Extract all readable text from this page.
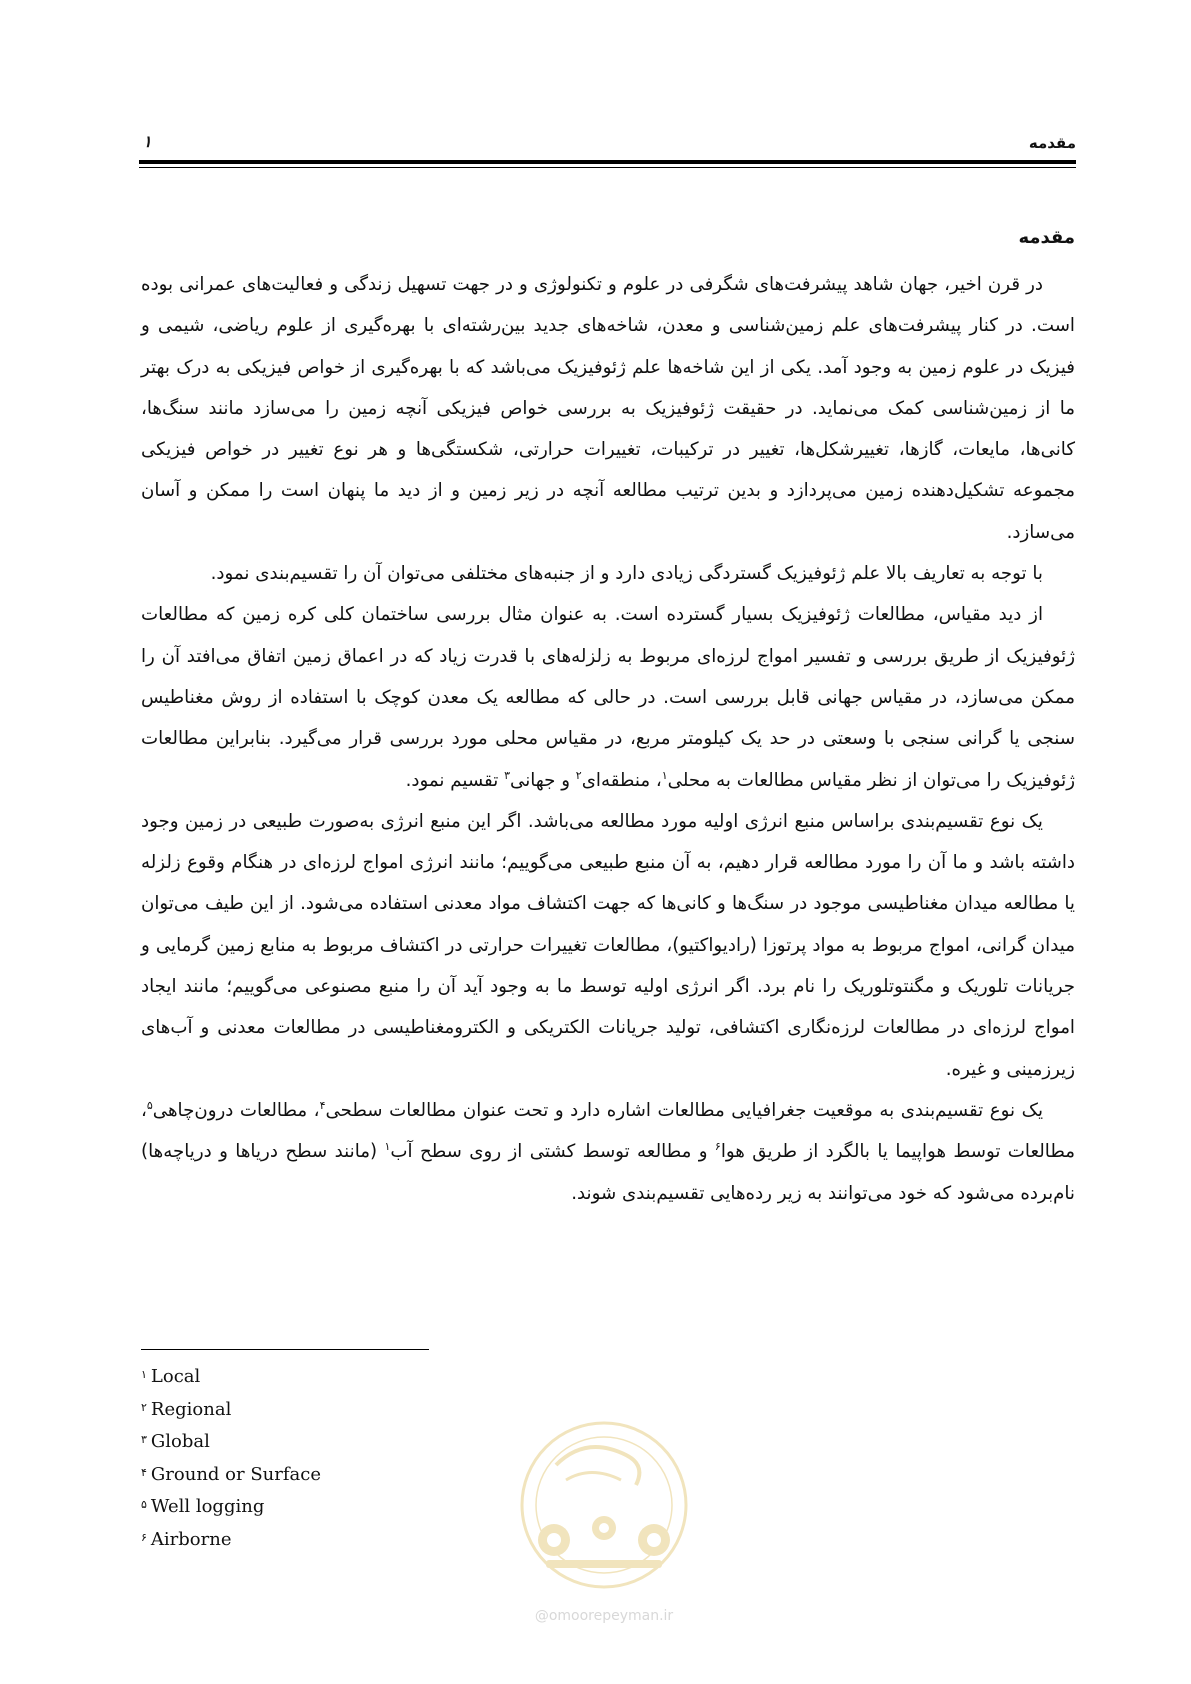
مقدمه
۱
مقدمه

در قرن اخیر، جهان شاهد پیشرفت‌های شگرفی در علوم و تکنولوژی و در جهت تسهیل زندگی و فعالیت‌های عمرانی بوده است. در کنار پیشرفت‌های علم زمین‌شناسی و معدن، شاخه‌های جدید بین‌رشته‌ای با بهره‌گیری از علوم ریاضی، شیمی و فیزیک در علوم زمین به وجود آمد. یکی از این شاخه‌ها علم ژئوفیزیک می‌باشد که با بهره‌گیری از خواص فیزیکی به درک بهتر ما از زمین‌شناسی کمک می‌نماید. در حقیقت ژئوفیزیک به بررسی خواص فیزیکی آنچه زمین را می‌سازد مانند سنگ‌ها، کانی‌ها، مایعات، گازها، تغییرشکل‌ها، تغییر در ترکیبات، تغییرات حرارتی، شکستگی‌ها و هر نوع تغییر در خواص فیزیکی مجموعه تشکیل‌دهنده زمین می‌پردازد و بدین ترتیب مطالعه آنچه در زیر زمین و از دید ما پنهان است را ممکن و آسان می‌سازد.

با توجه به تعاریف بالا علم ژئوفیزیک گستردگی زیادی دارد و از جنبه‌های مختلفی می‌توان آن را تقسیم‌بندی نمود.

از دید مقیاس، مطالعات ژئوفیزیک بسیار گسترده است. به عنوان مثال بررسی ساختمان کلی کره زمین که مطالعات ژئوفیزیک از طریق بررسی و تفسیر امواج لرزه‌ای مربوط به زلزله‌های با قدرت زیاد که در اعماق زمین اتفاق می‌افتد آن را ممکن می‌سازد، در مقیاس جهانی قابل بررسی است. در حالی که مطالعه یک معدن کوچک با استفاده از روش مغناطیس سنجی یا گرانی سنجی با وسعتی در حد یک کیلومتر مربع، در مقیاس محلی مورد بررسی قرار می‌گیرد. بنابراین مطالعات ژئوفیزیک را می‌توان از نظر مقیاس مطالعات به محلی$^۱$، منطقه‌ای$^۲$ و جهانی$^۳$ تقسیم نمود.

یک نوع تقسیم‌بندی براساس منبع انرژی اولیه مورد مطالعه می‌باشد. اگر این منبع انرژی به‌صورت طبیعی در زمین وجود داشته باشد و ما آن را مورد مطالعه قرار دهیم، به آن منبع طبیعی می‌گوییم؛ مانند انرژی امواج لرزه‌ای در هنگام وقوع زلزله یا مطالعه میدان مغناطیسی موجود در سنگ‌ها و کانی‌ها که جهت اکتشاف مواد معدنی استفاده می‌شود. از این طیف می‌توان میدان گرانی، امواج مربوط به مواد پرتوزا (رادیواکتیو)، مطالعات تغییرات حرارتی در اکتشاف مربوط به منابع زمین گرمایی و جریانات تلوریک و مگنتوتلوریک را نام برد. اگر انرژی اولیه توسط ما به وجود آید آن را منبع مصنوعی می‌گوییم؛ مانند ایجاد امواج لرزه‌ای در مطالعات لرزه‌نگاری اکتشافی، تولید جریانات الکتریکی و الکترومغناطیسی در مطالعات معدنی و آب‌های زیرزمینی و غیره.

یک نوع تقسیم‌بندی به موقعیت جغرافیایی مطالعات اشاره دارد و تحت عنوان مطالعات سطحی$^۴$، مطالعات درون‌چاهی$^۵$، مطالعات توسط هواپیما یا بالگرد از طریق هوا$^۶$ و مطالعه توسط کشتی از روی سطح آب$^۱$ (مانند سطح دریاها و دریاچه‌ها) نام‌برده می‌شود که خود می‌توانند به زیر رده‌هایی تقسیم‌بندی شوند.

$^۱$ Local
$^۲$ Regional
$^۳$ Global
$^۴$ Ground or Surface
$^۵$ Well logging
$^۶$ Airborne
@omoorepeyman.ir
